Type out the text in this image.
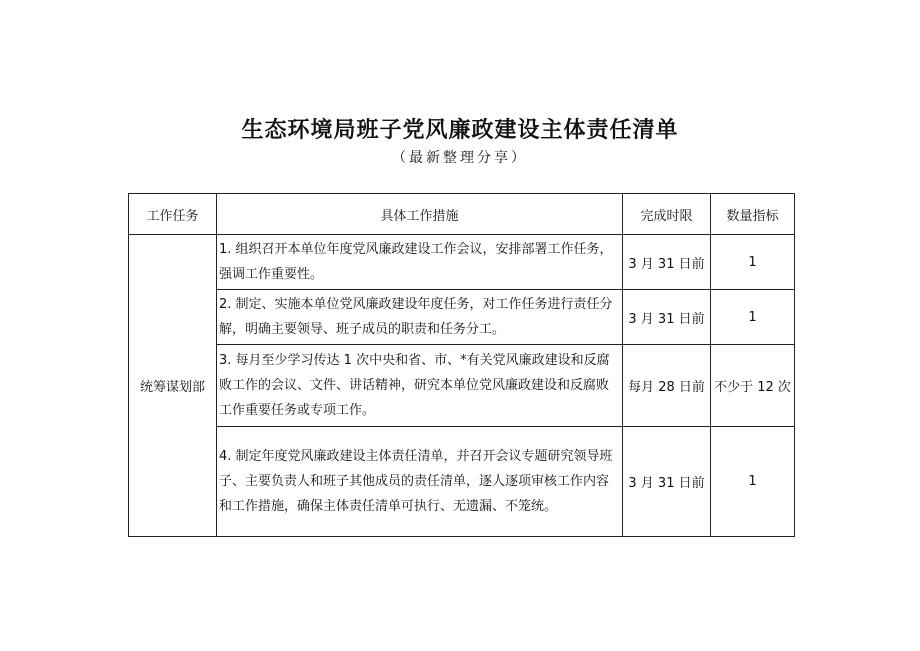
生态环境局班子党风廉政建设主体责任清单
（最新整理分享）
工作任务	具体工作措施	完成时限	数量指标
统筹谋划部	1. 组织召开本单位年度党风廉政建设工作会议，安排部署工作任务，强调工作重要性。	3 月 31 日前	1
	2. 制定、实施本单位党风廉政建设年度任务，对工作任务进行责任分解，明确主要领导、班子成员的职责和任务分工。	3 月 31 日前	1
	3. 每月至少学习传达 1 次中央和省、市、*有关党风廉政建设和反腐败工作的会议、文件、讲话精神，研究本单位党风廉政建设和反腐败工作重要任务或专项工作。	每月 28 日前	不少于 12 次
	4. 制定年度党风廉政建设主体责任清单，并召开会议专题研究领导班子、主要负责人和班子其他成员的责任清单，逐人逐项审核工作内容和工作措施，确保主体责任清单可执行、无遗漏、不笼统。	3 月 31 日前	1
